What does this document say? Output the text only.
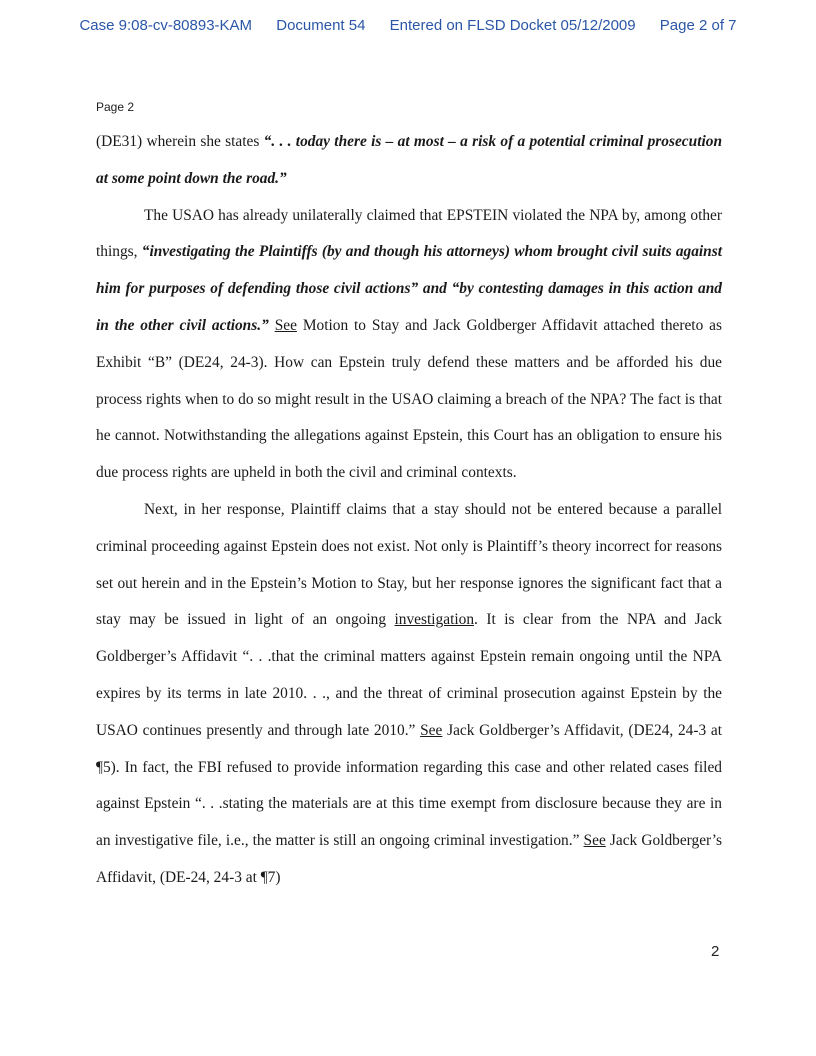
Case 9:08-cv-80893-KAM Document 54 Entered on FLSD Docket 05/12/2009 Page 2 of 7
Page 2

(DE31) wherein she states “. . . today there is – at most – a risk of a potential criminal prosecution at some point down the road.”

The USAO has already unilaterally claimed that EPSTEIN violated the NPA by, among other things, “investigating the Plaintiffs (by and though his attorneys) whom brought civil suits against him for purposes of defending those civil actions” and “by contesting damages in this action and in the other civil actions.” See Motion to Stay and Jack Goldberger Affidavit attached thereto as Exhibit “B” (DE24, 24-3). How can Epstein truly defend these matters and be afforded his due process rights when to do so might result in the USAO claiming a breach of the NPA? The fact is that he cannot. Notwithstanding the allegations against Epstein, this Court has an obligation to ensure his due process rights are upheld in both the civil and criminal contexts.

Next, in her response, Plaintiff claims that a stay should not be entered because a parallel criminal proceeding against Epstein does not exist. Not only is Plaintiff’s theory incorrect for reasons set out herein and in the Epstein’s Motion to Stay, but her response ignores the significant fact that a stay may be issued in light of an ongoing investigation. It is clear from the NPA and Jack Goldberger’s Affidavit “. . .that the criminal matters against Epstein remain ongoing until the NPA expires by its terms in late 2010. . ., and the threat of criminal prosecution against Epstein by the USAO continues presently and through late 2010.” See Jack Goldberger’s Affidavit, (DE24, 24-3 at ¶5). In fact, the FBI refused to provide information regarding this case and other related cases filed against Epstein “. . .stating the materials are at this time exempt from disclosure because they are in an investigative file, i.e., the matter is still an ongoing criminal investigation.” See Jack Goldberger’s Affidavit, (DE-24, 24-3 at ¶7)

2
